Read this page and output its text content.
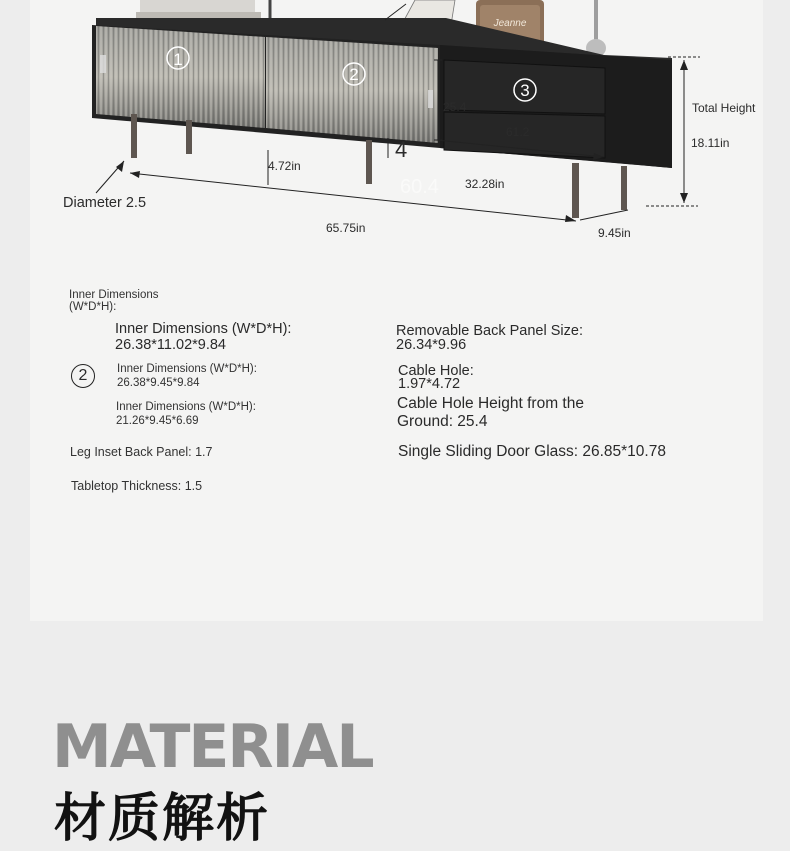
Jeanne
1
2
3
25.4
61.2
Total Height
18.11in
4.72in
4
60.4 32.28in
Diameter 2.5
65.75in	9.45in
Inner Dimensions
(W*D*H):
Inner Dimensions (W*D*H):
26.38*11.02*9.84
2	Inner Dimensions (W*D*H):
26.38*9.45*9.84
Inner Dimensions (W*D*H):
21.26*9.45*6.69
Leg Inset Back Panel: 1.7
Tabletop Thickness: 1.5
Removable Back Panel Size:
26.34*9.96
Cable Hole:
1.97*4.72
Cable Hole Height from the
Ground: 25.4
Single Sliding Door Glass: 26.85*10.78
MATERIAL
材质解析
